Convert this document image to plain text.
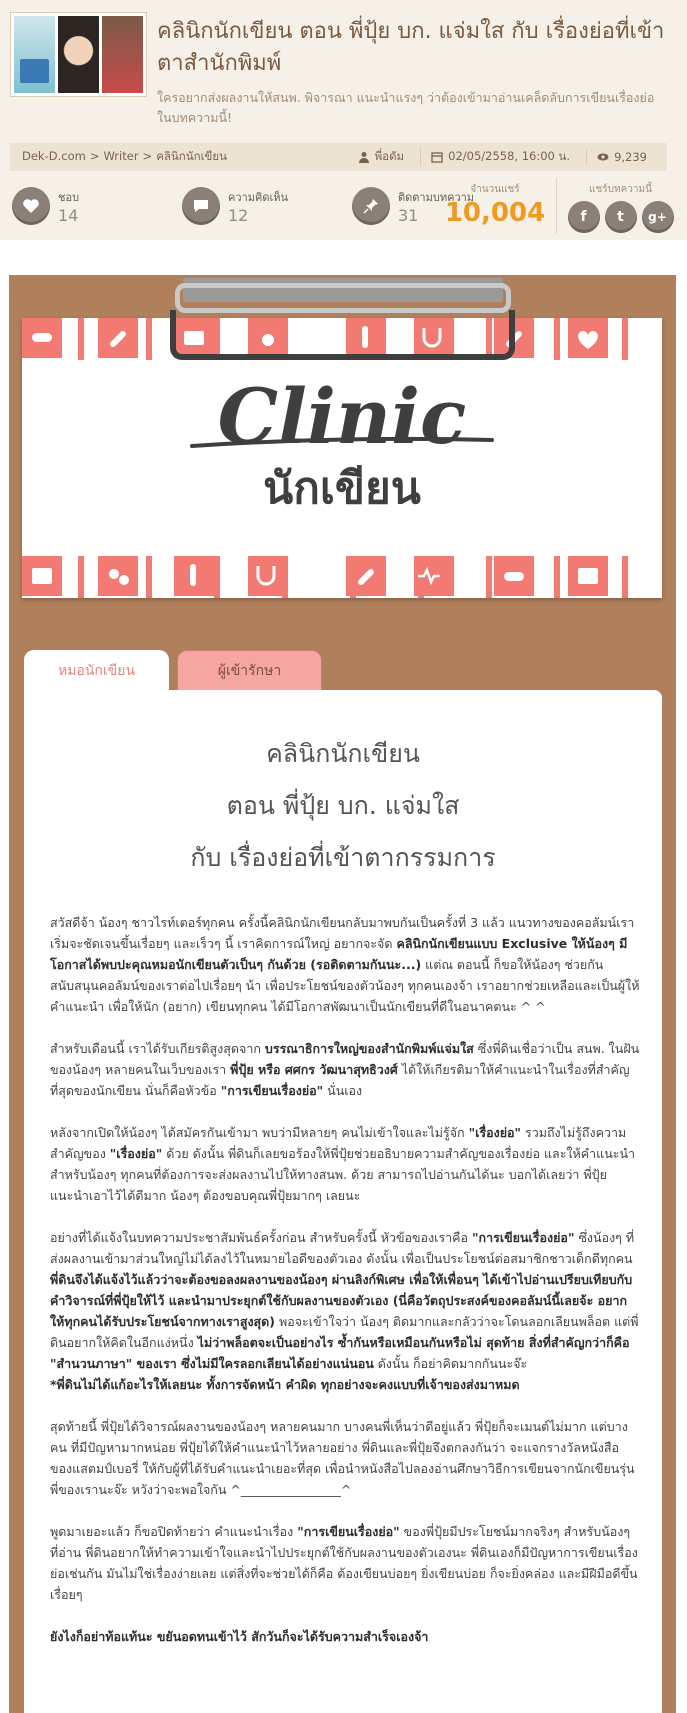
คลินิกนักเขียน ตอน พี่ปุ้ย บก. แจ่มใส กับ เรื่องย่อที่เข้าตาสำนักพิมพ์
ใครอยากส่งผลงานให้สนพ. พิจารณา แนะนำแรงๆ ว่าต้องเข้ามาอ่านเคล็ดลับการเขียนเรื่องย่อในบทความนี้!
Dek-D.com > Writer > คลินิกนักเขียน	พี่อดัม	02/05/2558, 16:00 น.	9,239
ชอบ
14
ความคิดเห็น
12
ติดตามบทความ
31
จำนวนแชร์
10,004
แชร์บทความนี้
f	t	g+
Clinic
นักเขียน
หมอนักเขียน	ผู้เข้ารักษา
คลินิกนักเขียน
ตอน พี่ปุ้ย บก. แจ่มใส
กับ เรื่องย่อที่เข้าตากรรมการ

สวัสดีจ้า น้องๆ ชาวไรท์เตอร์ทุกคน ครั้งนี้คลินิกนักเขียนกลับมาพบกันเป็นครั้งที่ 3 แล้ว แนวทางของคอลัมน์เราเริ่มจะชัดเจนขึ้นเรื่อยๆ และเร็วๆ นี้ เราคิดการณ์ใหญ่ อยากจะจัด คลินิกนักเขียนแบบ Exclusive ให้น้องๆ มีโอกาสได้พบปะคุณหมอนักเขียนตัวเป็นๆ กันด้วย (รอติดตามกันนะ...) แต่ณ ตอนนี้ ก็ขอให้น้องๆ ช่วยกันสนับสนุนคอลัมน์ของเราต่อไปเรื่อยๆ น้า เพื่อประโยชน์ของตัวน้องๆ ทุกคนเองจ้า เราอยากช่วยเหลือและเป็นผู้ให้คำแนะนำ เพื่อให้นัก (อยาก) เขียนทุกคน ได้มีโอกาสพัฒนาเป็นนักเขียนที่ดีในอนาคตนะ ^ ^

สำหรับเดือนนี้ เราได้รับเกียรติสูงสุดจาก บรรณาธิการใหญ่ของสำนักพิมพ์แจ่มใส ซึ่งพี่ดินเชื่อว่าเป็น สนพ. ในฝันของน้องๆ หลายคนในเว็บของเรา พี่ปุ้ย หรือ ศศกร วัฒนาสุทธิวงศ์ ได้ให้เกียรติมาให้คำแนะนำในเรื่องที่สำคัญที่สุดของนักเขียน นั่นก็คือหัวข้อ "การเขียนเรื่องย่อ" นั่นเอง

หลังจากเปิดให้น้องๆ ได้สมัครกันเข้ามา พบว่ามีหลายๆ คนไม่เข้าใจและไม่รู้จัก "เรื่องย่อ" รวมถึงไม่รู้ถึงความสำคัญของ "เรื่องย่อ" ด้วย ดังนั้น พี่ดินก็เลยขอร้องให้พี่ปุ้ยช่วยอธิบายความสำคัญของเรื่องย่อ และให้คำแนะนำสำหรับน้องๆ ทุกคนที่ต้องการจะส่งผลงานไปให้ทางสนพ. ด้วย สามารถไปอ่านกันได้นะ บอกได้เลยว่า พี่ปุ้ยแนะนำเอาไว้ได้ดีมาก น้องๆ ต้องขอบคุณพี่ปุ้ยมากๆ เลยนะ

อย่างที่ได้แจ้งในบทความประชาสัมพันธ์ครั้งก่อน สำหรับครั้งนี้ หัวข้อของเราคือ "การเขียนเรื่องย่อ" ซึ่งน้องๆ ที่ส่งผลงานเข้ามาส่วนใหญ่ไม่ได้ลงไว้ในหมายไอดีของตัวเอง ดังนั้น เพื่อเป็นประโยชน์ต่อสมาชิกชาวเด็กดีทุกคน พี่ดินจึงได้แจ้งไว้แล้วว่าจะต้องขอลงผลงานของน้องๆ ผ่านลิงก์พิเศษ เพื่อให้เพื่อนๆ ได้เข้าไปอ่านเปรียบเทียบกับคำวิจารณ์ที่พี่ปุ้ยให้ไว้ และนำมาประยุกต์ใช้กับผลงานของตัวเอง (นี่คือวัตถุประสงค์ของคอลัมน์นี้เลยจ้ะ อยากให้ทุกคนได้รับประโยชน์จากทางเราสูงสุด) พอจะเข้าใจว่า น้องๆ ติดมากและกลัวว่าจะโดนลอกเลียนพล็อต แต่พี่ดินอยากให้คิดในอีกแง่หนึ่ง ไม่ว่าพล็อตจะเป็นอย่างไร ซ้ำกันหรือเหมือนกันหรือไม่ สุดท้าย สิ่งที่สำคัญกว่าก็คือ "สำนวนภาษา" ของเรา ซึ่งไม่มีใครลอกเลียนได้อย่างแน่นอน ดังนั้น ก็อย่าคิดมากกันนะจ๊ะ
*พี่ดินไม่ได้แก้อะไรให้เลยนะ ทั้งการจัดหน้า คำผิด ทุกอย่างจะคงแบบที่เจ้าของส่งมาหมด

สุดท้ายนี้ พี่ปุ้ยได้วิจารณ์ผลงานของน้องๆ หลายคนมาก บางคนพี่เห็นว่าดีอยู่แล้ว พี่ปุ้ยก็จะเมนต์ไม่มาก แต่บางคน ที่มีปัญหามากหน่อย พี่ปุ้ยได้ให้คำแนะนำไว้หลายอย่าง พี่ดินและพี่ปุ้ยจึงตกลงกันว่า จะแจกรางวัลหนังสือของแสตมป์เบอรี่ ให้กับผู้ที่ได้รับคำแนะนำเยอะที่สุด เพื่อนำหนังสือไปลองอ่านศึกษาวิธีการเขียนจากนักเขียนรุ่นพี่ของเรานะจ๊ะ หวังว่าจะพอใจกัน ^________________^

พูดมาเยอะแล้ว ก็ขอปิดท้ายว่า คำแนะนำเรื่อง "การเขียนเรื่องย่อ" ของพี่ปุ้ยมีประโยชน์มากจริงๆ สำหรับน้องๆ ที่อ่าน พี่ดินอยากให้ทำความเข้าใจและนำไปประยุกต์ใช้กับผลงานของตัวเองนะ พี่ดินเองก็มีปัญหาการเขียนเรื่องย่อเช่นกัน มันไม่ใช่เรื่องง่ายเลย แต่สิ่งที่จะช่วยได้ก็คือ ต้องเขียนบ่อยๆ ยิ่งเขียนบ่อย ก็จะยิ่งคล่อง และมีฝีมือดีขึ้นเรื่อยๆ

ยังไงก็อย่าท้อแท้นะ ขยันอดทนเข้าไว้ สักวันก็จะได้รับความสำเร็จเองจ้า
